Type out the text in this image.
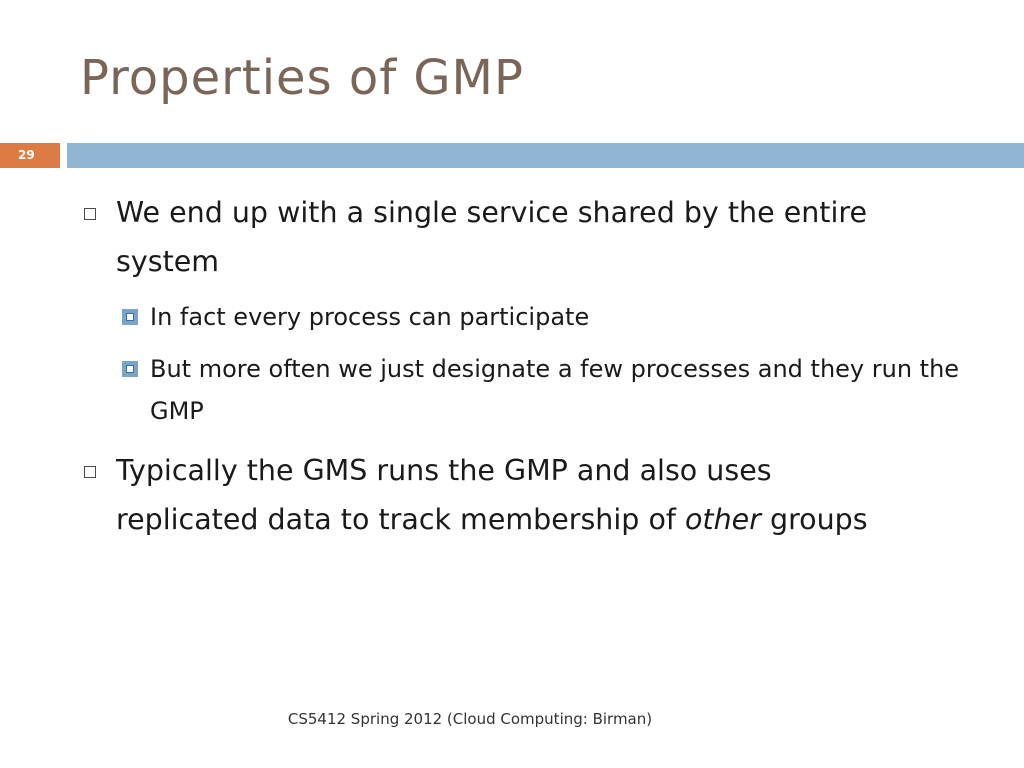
Properties of GMP
29
We end up with a single service shared by the entire system
In fact every process can participate
But more often we just designate a few processes and they run the GMP
Typically the GMS runs the GMP and also uses replicated data to track membership of other groups
CS5412 Spring 2012 (Cloud Computing: Birman)
